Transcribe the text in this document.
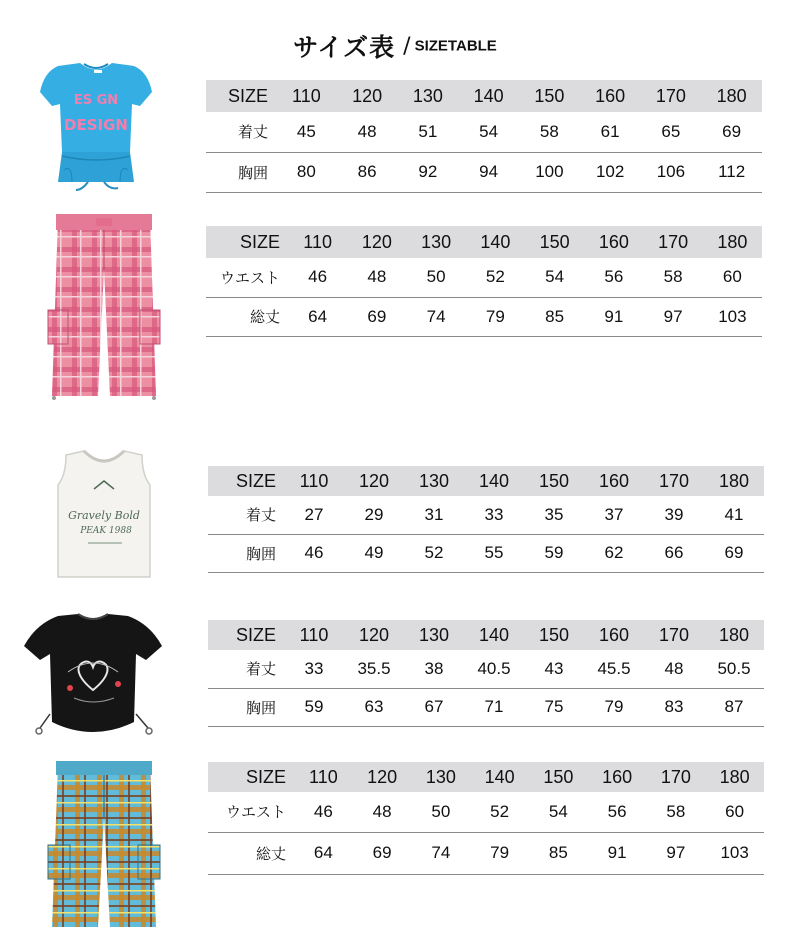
サイズ表 / SIZETABLE
ES GN
DESIGN
Gravely Bold
PEAK 1988
SIZE	110	120	130	140	150	160	170	180
着丈	45	48	51	54	58	61	65	69
胸囲	80	86	92	94	100	102	106	112
SIZE	110	120	130	140	150	160	170	180
ウエスト	46	48	50	52	54	56	58	60
総丈	64	69	74	79	85	91	97	103
SIZE	110	120	130	140	150	160	170	180
着丈	27	29	31	33	35	37	39	41
胸囲	46	49	52	55	59	62	66	69
SIZE	110	120	130	140	150	160	170	180
着丈	33	35.5	38	40.5	43	45.5	48	50.5
胸囲	59	63	67	71	75	79	83	87
SIZE	110	120	130	140	150	160	170	180
ウエスト	46	48	50	52	54	56	58	60
総丈	64	69	74	79	85	91	97	103
